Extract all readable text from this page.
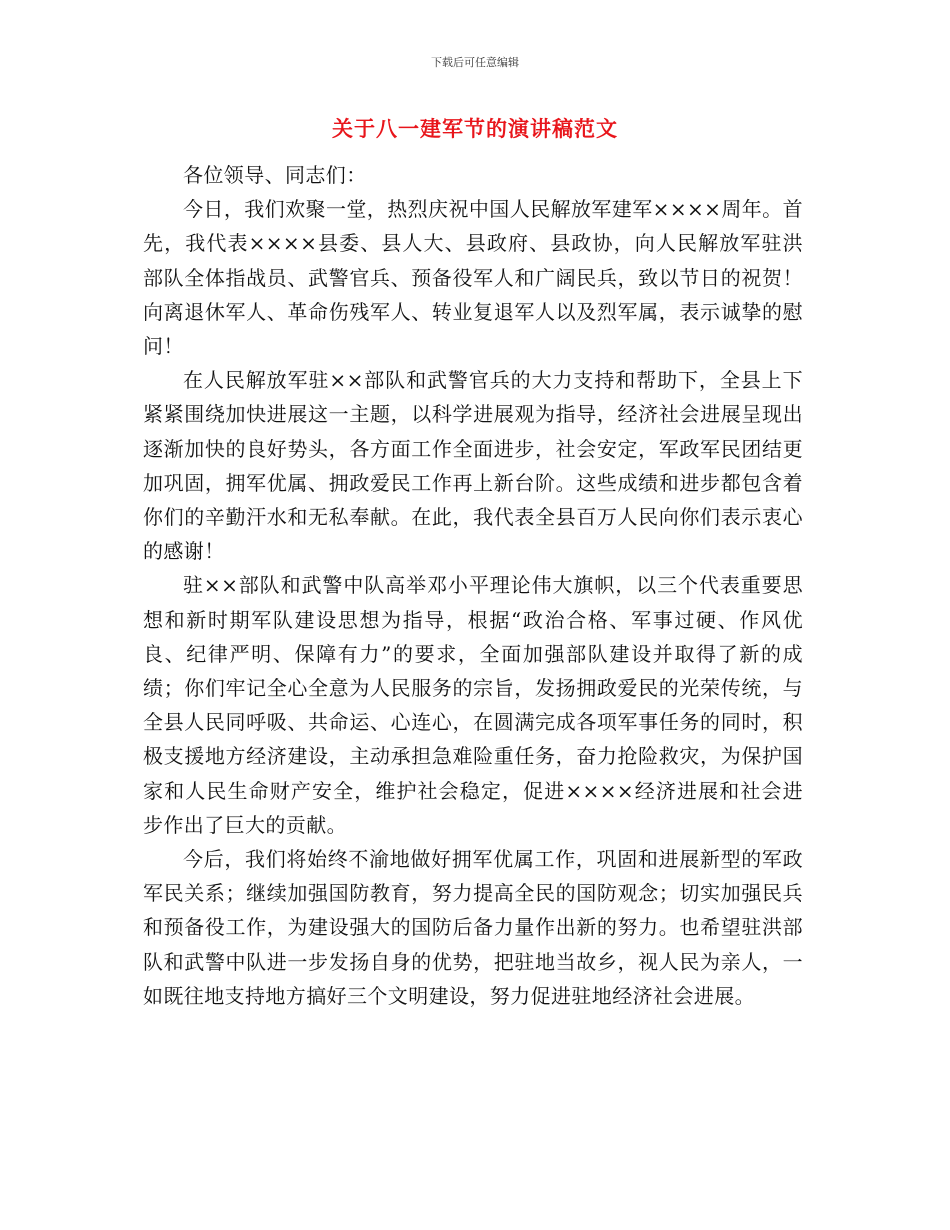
下载后可任意编辑
关于八一建军节的演讲稿范文

各位领导、同志们：

今日，我们欢聚一堂，热烈庆祝中国人民解放军建军××××周年。首先，我代表××××县委、县人大、县政府、县政协，向人民解放军驻洪部队全体指战员、武警官兵、预备役军人和广阔民兵，致以节日的祝贺！向离退休军人、革命伤残军人、转业复退军人以及烈军属，表示诚挚的慰问！

在人民解放军驻××部队和武警官兵的大力支持和帮助下，全县上下紧紧围绕加快进展这一主题，以科学进展观为指导，经济社会进展呈现出逐渐加快的良好势头，各方面工作全面进步，社会安定，军政军民团结更加巩固，拥军优属、拥政爱民工作再上新台阶。这些成绩和进步都包含着你们的辛勤汗水和无私奉献。在此，我代表全县百万人民向你们表示衷心的感谢！

驻××部队和武警中队高举邓小平理论伟大旗帜，以三个代表重要思想和新时期军队建设思想为指导，根据“政治合格、军事过硬、作风优良、纪律严明、保障有力”的要求，全面加强部队建设并取得了新的成绩；你们牢记全心全意为人民服务的宗旨，发扬拥政爱民的光荣传统，与全县人民同呼吸、共命运、心连心，在圆满完成各项军事任务的同时，积极支援地方经济建设，主动承担急难险重任务，奋力抢险救灾，为保护国家和人民生命财产安全，维护社会稳定，促进××××经济进展和社会进步作出了巨大的贡献。

今后，我们将始终不渝地做好拥军优属工作，巩固和进展新型的军政军民关系；继续加强国防教育，努力提高全民的国防观念；切实加强民兵和预备役工作，为建设强大的国防后备力量作出新的努力。也希望驻洪部队和武警中队进一步发扬自身的优势，把驻地当故乡，视人民为亲人，一如既往地支持地方搞好三个文明建设，努力促进驻地经济社会进展。
